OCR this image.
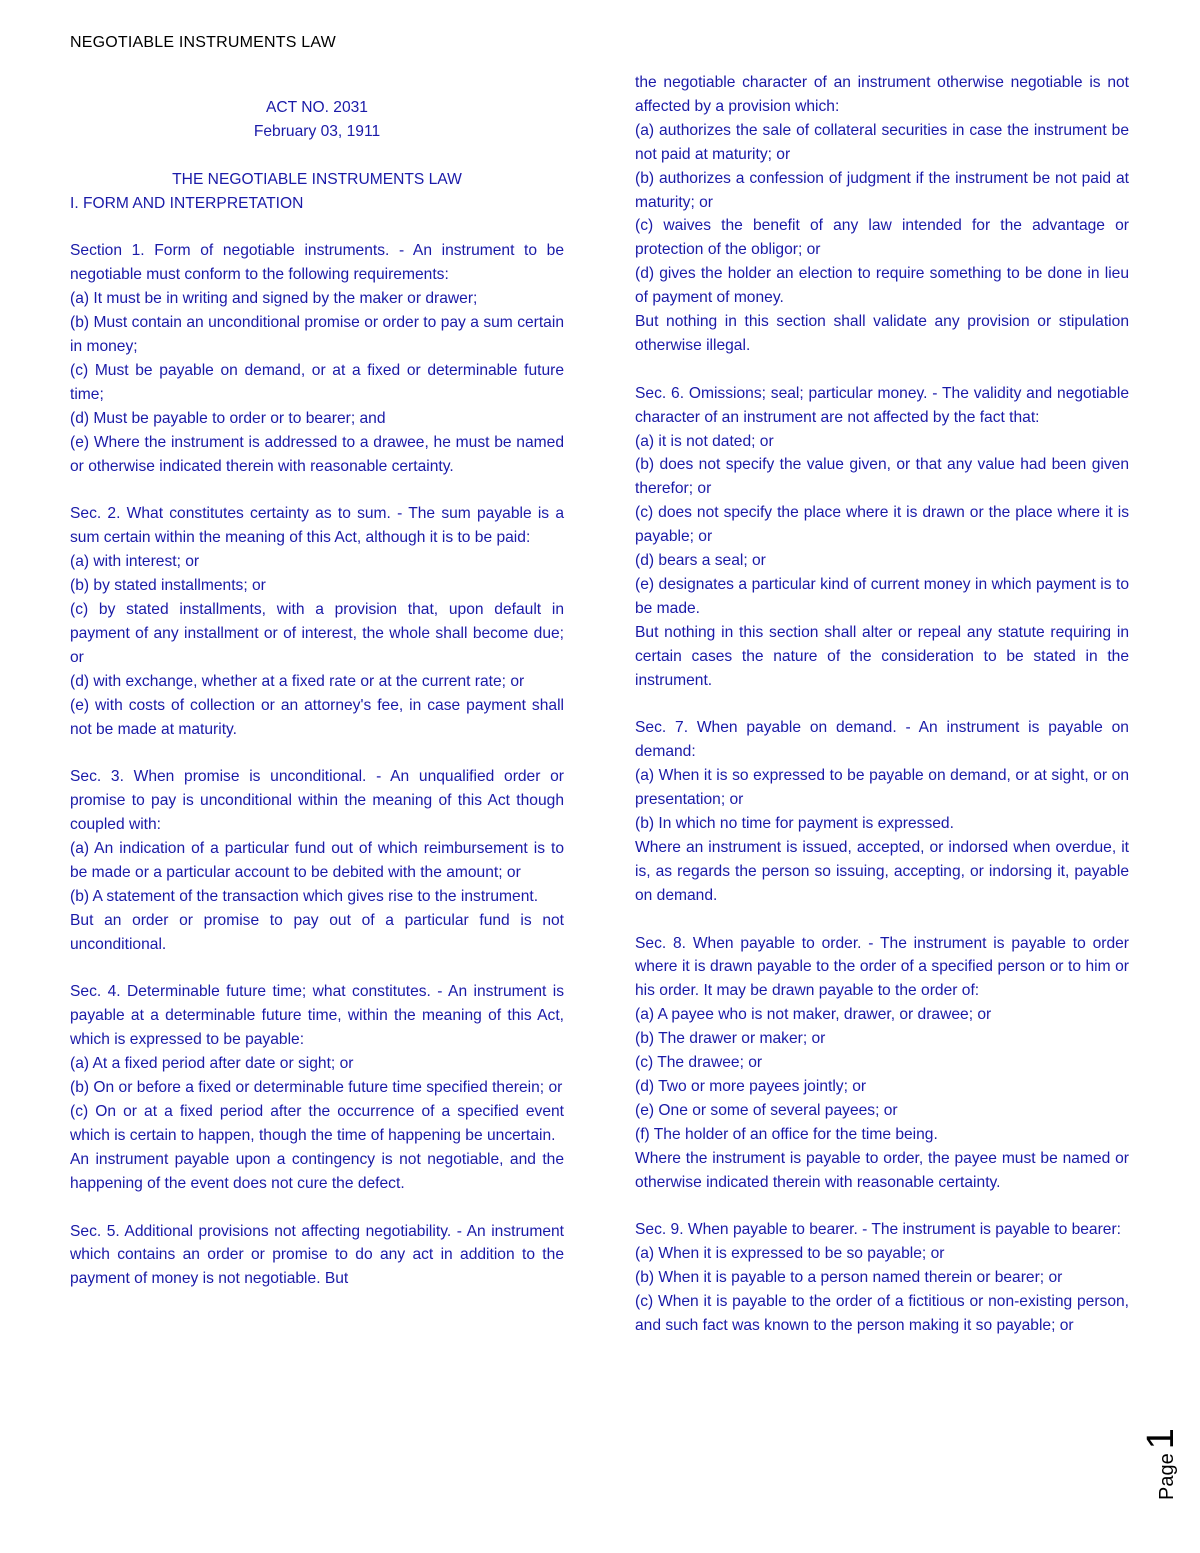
NEGOTIABLE INSTRUMENTS LAW

ACT NO. 2031

February 03, 1911

THE NEGOTIABLE INSTRUMENTS LAW

I. FORM AND INTERPRETATION

Section 1. Form of negotiable instruments. - An instrument to be negotiable must conform to the following requirements:

(a) It must be in writing and signed by the maker or drawer;

(b) Must contain an unconditional promise or order to pay a sum certain in money;

(c) Must be payable on demand, or at a fixed or determinable future time;

(d) Must be payable to order or to bearer; and

(e) Where the instrument is addressed to a drawee, he must be named or otherwise indicated therein with reasonable certainty.

Sec. 2. What constitutes certainty as to sum. - The sum payable is a sum certain within the meaning of this Act, although it is to be paid:

(a) with interest; or

(b) by stated installments; or

(c) by stated installments, with a provision that, upon default in payment of any installment or of interest, the whole shall become due; or

(d) with exchange, whether at a fixed rate or at the current rate; or

(e) with costs of collection or an attorney's fee, in case payment shall not be made at maturity.

Sec. 3. When promise is unconditional. - An unqualified order or promise to pay is unconditional within the meaning of this Act though coupled with:

(a) An indication of a particular fund out of which reimbursement is to be made or a particular account to be debited with the amount; or

(b) A statement of the transaction which gives rise to the instrument.

But an order or promise to pay out of a particular fund is not unconditional.

Sec. 4. Determinable future time; what constitutes. - An instrument is payable at a determinable future time, within the meaning of this Act, which is expressed to be payable:

(a) At a fixed period after date or sight; or

(b) On or before a fixed or determinable future time specified therein; or

(c) On or at a fixed period after the occurrence of a specified event which is certain to happen, though the time of happening be uncertain.

An instrument payable upon a contingency is not negotiable, and the happening of the event does not cure the defect.

Sec. 5. Additional provisions not affecting negotiability. - An instrument which contains an order or promise to do any act in addition to the payment of money is not negotiable. But

the negotiable character of an instrument otherwise negotiable is not affected by a provision which:

(a) authorizes the sale of collateral securities in case the instrument be not paid at maturity; or

(b) authorizes a confession of judgment if the instrument be not paid at maturity; or

(c) waives the benefit of any law intended for the advantage or protection of the obligor; or

(d) gives the holder an election to require something to be done in lieu of payment of money.

But nothing in this section shall validate any provision or stipulation otherwise illegal.

Sec. 6. Omissions; seal; particular money. - The validity and negotiable character of an instrument are not affected by the fact that:

(a) it is not dated; or

(b) does not specify the value given, or that any value had been given therefor; or

(c) does not specify the place where it is drawn or the place where it is payable; or

(d) bears a seal; or

(e) designates a particular kind of current money in which payment is to be made.

But nothing in this section shall alter or repeal any statute requiring in certain cases the nature of the consideration to be stated in the instrument.

Sec. 7. When payable on demand. - An instrument is payable on demand:

(a) When it is so expressed to be payable on demand, or at sight, or on presentation; or

(b) In which no time for payment is expressed.

Where an instrument is issued, accepted, or indorsed when overdue, it is, as regards the person so issuing, accepting, or indorsing it, payable on demand.

Sec. 8. When payable to order. - The instrument is payable to order where it is drawn payable to the order of a specified person or to him or his order. It may be drawn payable to the order of:

(a) A payee who is not maker, drawer, or drawee; or

(b) The drawer or maker; or

(c) The drawee; or

(d) Two or more payees jointly; or

(e) One or some of several payees; or

(f) The holder of an office for the time being.

Where the instrument is payable to order, the payee must be named or otherwise indicated therein with reasonable certainty.

Sec. 9. When payable to bearer. - The instrument is payable to bearer:

(a) When it is expressed to be so payable; or

(b) When it is payable to a person named therein or bearer; or

(c) When it is payable to the order of a fictitious or non-existing person, and such fact was known to the person making it so payable; or

Page1
